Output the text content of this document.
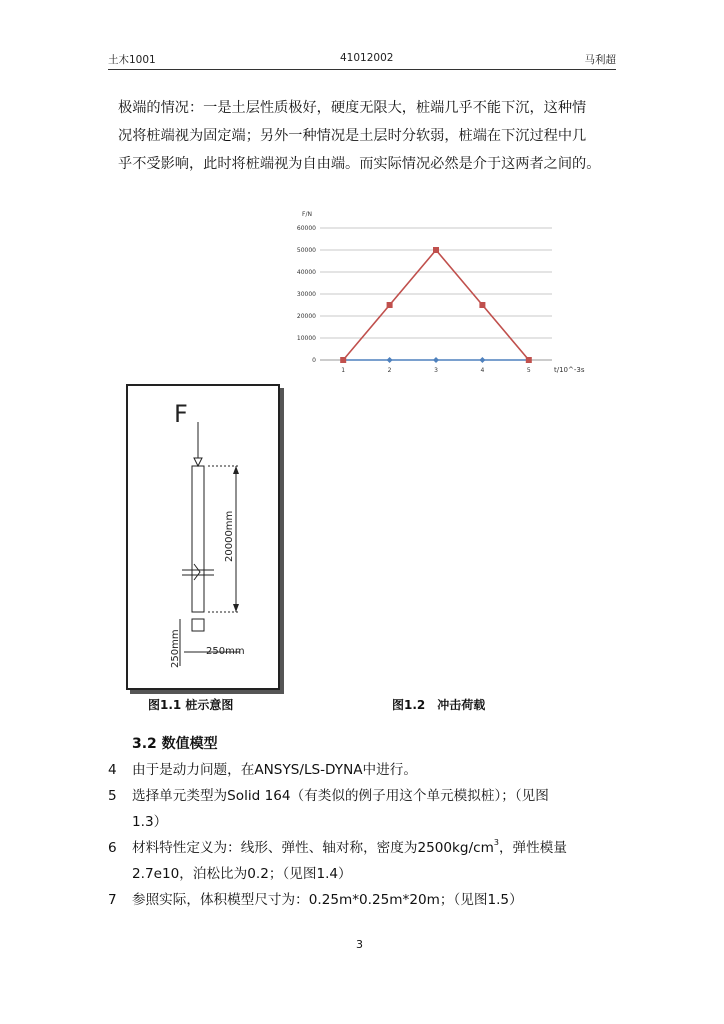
土木1001	41012002	马利超

极端的情况：一是土层性质极好，硬度无限大，桩端几乎不能下沉，这种情

况将桩端视为固定端；另外一种情况是土层时分软弱，桩端在下沉过程中几

乎不受影响，此时将桩端视为自由端。而实际情况必然是介于这两者之间的。

0
10000
20000
30000
40000
50000
60000
F/N
1	2	3	4	5	t/10^-3s
F
20000mm
250mm	250mm
图1.1 桩示意图	图1.2　冲击荷载
3.2 数值模型
4	由于是动力问题，在ANSYS/LS-DYNA中进行。
5	选择单元类型为Solid 164（有类似的例子用这个单元模拟桩）；（见图
1.3）
6	材料特性定义为：线形、弹性、轴对称，密度为$2500kg/cm^3$，弹性模量
2.7e10，泊松比为0.2；（见图1.4）
7	参照实际，体积模型尺寸为：0.25m*0.25m*20m；（见图1.5）
3
